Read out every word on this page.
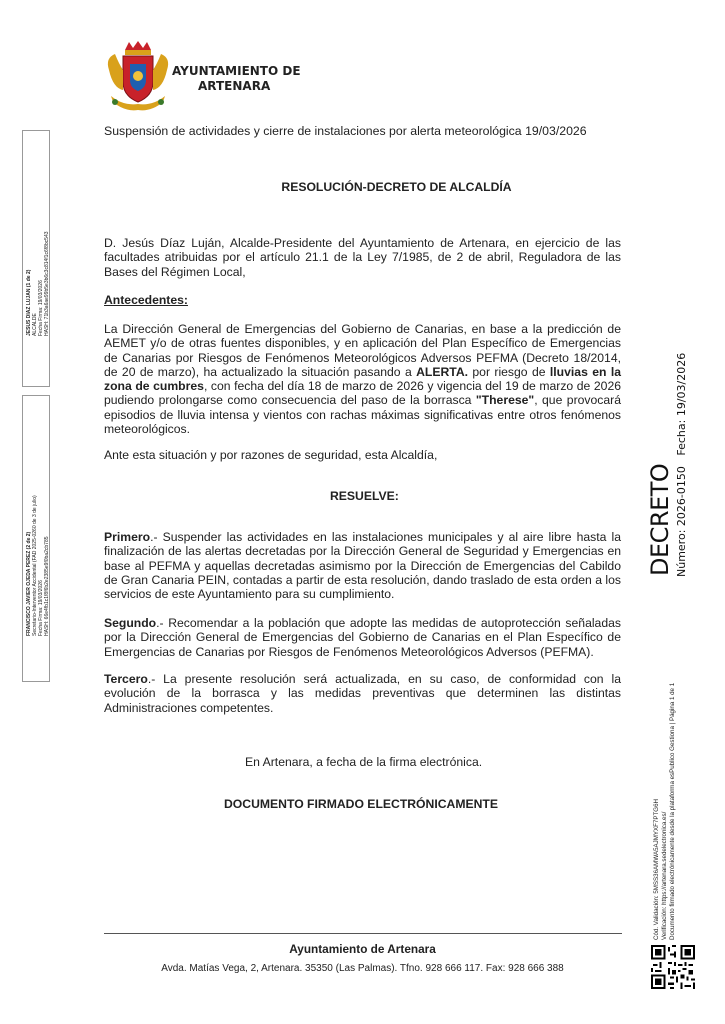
AYUNTAMIENTO DE
ARTENARA
Suspensión de actividades y cierre de instalaciones por alerta meteorológica 19/03/2026
RESOLUCIÓN-DECRETO DE ALCALDÍA
D. Jesús Díaz Luján, Alcalde-Presidente del Ayuntamiento de Artenara, en ejercicio de las facultades atribuidas por el artículo 21.1 de la Ley 7/1985, de 2 de abril, Reguladora de las Bases del Régimen Local,
Antecedentes:
La Dirección General de Emergencias del Gobierno de Canarias, en base a la predicción de AEMET y/o de otras fuentes disponibles, y en aplicación del Plan Específico de Emergencias de Canarias por Riesgos de Fenómenos Meteorológicos Adversos PEFMA (Decreto 18/2014, de 20 de marzo), ha actualizado la situación pasando a ALERTA. por riesgo de lluvias en la zona de cumbres, con fecha del día 18 de marzo de 2026 y vigencia del 19 de marzo de 2026 pudiendo prolongarse como consecuencia del paso de la borrasca "Therese", que provocará episodios de lluvia intensa y vientos con rachas máximas significativas entre otros fenómenos meteorológicos.
Ante esta situación y por razones de seguridad, esta Alcaldía,
RESUELVE:
Primero.- Suspender las actividades en las instalaciones municipales y al aire libre hasta la finalización de las alertas decretadas por la Dirección General de Seguridad y Emergencias en base al PEFMA y aquellas decretadas asimismo por la Dirección de Emergencias del Cabildo de Gran Canaria PEIN, contadas a partir de esta resolución, dando traslado de esta orden a los servicios de este Ayuntamiento para su cumplimiento.
Segundo.- Recomendar a la población que adopte las medidas de autoprotección señaladas por la Dirección General de Emergencias del Gobierno de Canarias en el Plan Específico de Emergencias de Canarias por Riesgos de Fenómenos Meteorológicos Adversos (PEFMA).
Tercero.- La presente resolución será actualizada, en su caso, de conformidad con la evolución de la borrasca y las medidas preventivas que determinen las distintas Administraciones competentes.
En Artenara, a fecha de la firma electrónica.
DOCUMENTO FIRMADO ELECTRÓNICAMENTE
Ayuntamiento de Artenara
Avda. Matías Vega, 2, Artenara. 35350 (Las Palmas). Tfno. 928 666 117. Fax: 928 666 388
JESUS DIAZ LUJAN (1 de 2) ALCALDE Fecha Firma: 19/03/2026 HASH: 71b3a6ae99b5e3b6c3c814f1c6f8bc543
FRANCISCO JAVIER OJEDA PEREZ (2 de 2) Secretario-Interventor Accidental (FAD 2025-0260 de 3 de julio) Fecha Firma: 19/03/2026 HASH: 66e4fb1c1f8f6b2e2385e9f0ba2cb785
DECRETO Número: 2026-0150   Fecha: 19/03/2026
Cód. Validación: 5MSS36AMWA5AJMYXF7PTG6H Verificación: https://artenara.sedelectronica.es/ Documento firmado electrónicamente desde la plataforma esPublico Gestiona | Página 1 de 1
